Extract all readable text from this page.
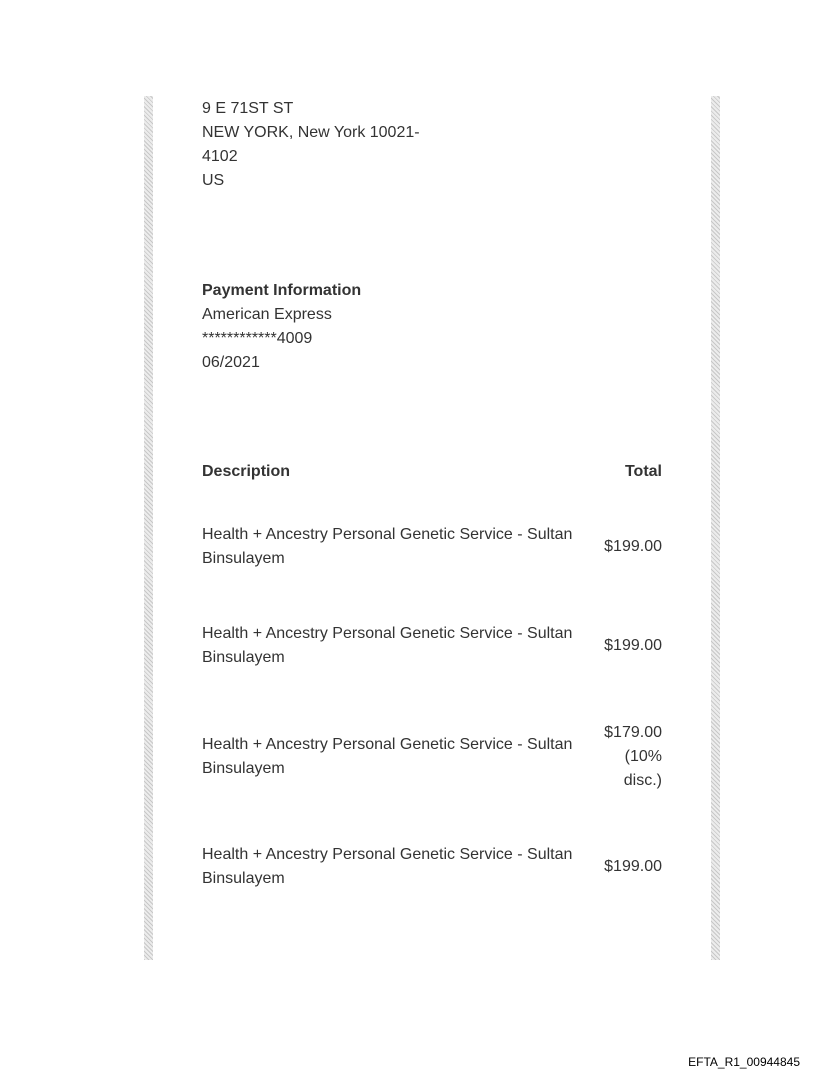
9 E 71ST ST
NEW YORK, New York 10021-
4102
US
Payment Information
American Express
************4009
06/2021
Description	Total
Health + Ancestry Personal Genetic Service - Sultan
Binsulayem
$199.00
Health + Ancestry Personal Genetic Service - Sultan
Binsulayem
$199.00
Health + Ancestry Personal Genetic Service - Sultan
Binsulayem
$179.00
(10%
disc.)
Health + Ancestry Personal Genetic Service - Sultan
Binsulayem
$199.00
EFTA_R1_00944845
